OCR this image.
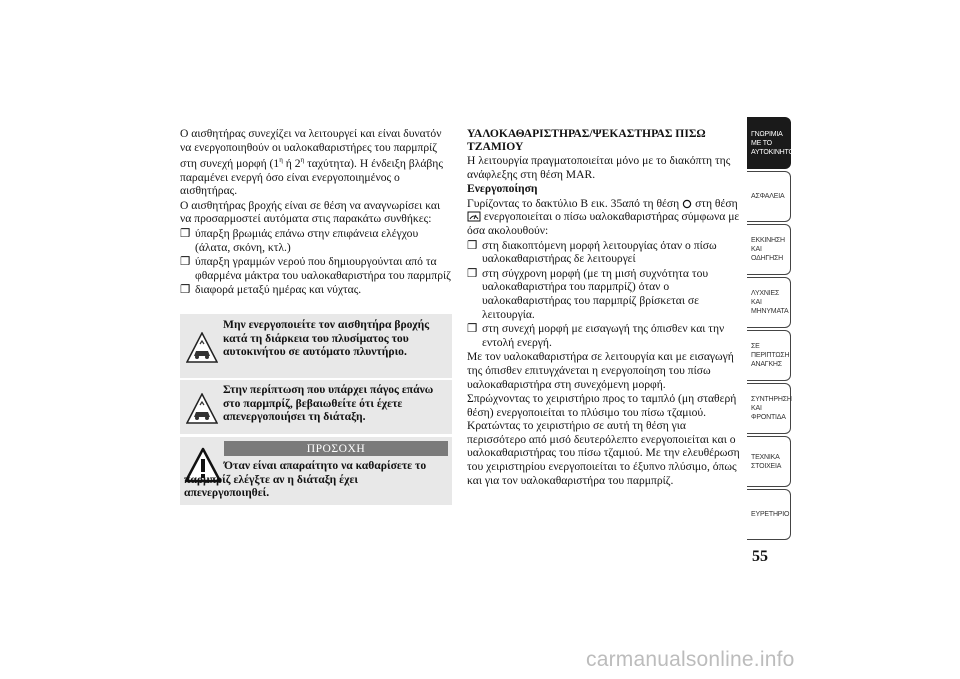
Ο αισθητήρας συνεχίζει να λειτουργεί και είναι δυνατόν να ενεργοποιηθούν οι υαλοκαθαριστήρες του παρμπρίζ στη συνεχή μορφή ($1^\eta$ ή $2^\eta$ ταχύτητα). Η ένδειξη βλάβης παραμένει ενεργή όσο είναι ενεργοποιημένος ο αισθητήρας.

Ο αισθητήρας βροχής είναι σε θέση να αναγνωρίσει και να προσαρμοστεί αυτόματα στις παρακάτω συνθήκες:

❐ ύπαρξη βρωμιάς επάνω στην επιφάνεια ελέγχου (άλατα, σκόνη, κτλ.)

❐ ύπαρξη γραμμών νερού που δημιουργούνται από τα φθαρμένα μάκτρα του υαλοκαθαριστήρα του παρμπρίζ

❐ διαφορά μεταξύ ημέρας και νύχτας.

Μην ενεργοποιείτε τον αισθητήρα βροχής κατά τη διάρκεια του πλυσίματος του αυτοκινήτου σε αυτόματο πλυντήριο.
Στην περίπτωση που υπάρχει πάγος επάνω στο παρμπρίζ, βεβαιωθείτε ότι έχετε απενεργοποιήσει τη διάταξη.
ΠΡΟΣΟΧΗ
Όταν είναι απαραίτητο να καθαρίσετε το παρμπρίζ ελέγξτε αν η διάταξη έχει απενεργοποιηθεί.

ΥΑΛΟΚΑΘΑΡΙΣΤΗΡΑΣ/ΨΕΚΑΣΤΗΡΑΣ ΠΙΣΩ ΤΖΑΜΙΟΥ

Η λειτουργία πραγματοποιείται μόνο με το διακόπτη της ανάφλεξης στη θέση MAR.

Ενεργοποίηση

Γυρίζοντας το δακτύλιο B εικ. 35από τη θέση στη θέση  ενεργοποιείται ο πίσω υαλοκαθαριστήρας σύμφωνα με όσα ακολουθούν:

❐ στη διακοπτόμενη μορφή λειτουργίας όταν ο πίσω υαλοκαθαριστήρας δε λειτουργεί

❐ στη σύγχρονη μορφή (με τη μισή συχνότητα του υαλοκαθαριστήρα του παρμπρίζ) όταν ο υαλοκαθαριστήρας του παρμπρίζ βρίσκεται σε λειτουργία.

❐ στη συνεχή μορφή με εισαγωγή της όπισθεν και την εντολή ενεργή.

Με τον υαλοκαθαριστήρα σε λειτουργία και με εισαγωγή της όπισθεν επιτυγχάνεται η ενεργοποίηση του πίσω υαλοκαθαριστήρα στη συνεχόμενη μορφή.

Σπρώχνοντας το χειριστήριο προς το ταμπλό (μη σταθερή θέση) ενεργοποιείται το πλύσιμο του πίσω τζαμιού. Κρατώντας το χειριστήριο σε αυτή τη θέση για περισσότερο από μισό δευτερόλεπτο ενεργοποιείται και ο υαλοκαθαριστήρας του πίσω τζαμιού. Με την ελευθέρωση του χειριστηρίου ενεργοποιείται το έξυπνο πλύσιμο, όπως και για τον υαλοκαθαριστήρα του παρμπρίζ.

ΓΝΩΡΙΜΙΑ ΜΕ ΤΟ
ΑΥΤΟΚΙΝΗΤΟ
ΑΣΦΑΛΕΙΑ
ΕΚΚΙΝΗΣΗ ΚΑΙ
ΟΔΗΓΗΣΗ
ΛΥΧΝΙΕΣ ΚΑΙ
ΜΗΝΥΜΑΤΑ
ΣΕ ΠΕΡΙΠΤΩΣΗ
ΑΝΑΓΚΗΣ
ΣΥΝΤΗΡΗΣΗ ΚΑΙ
ΦΡΟΝΤΙΔΑ
ΤΕΧΝΙΚΑ ΣΤΟΙΧΕΙΑ
ΕΥΡΕΤΗΡΙΟ
55
carmanualsonline.info
